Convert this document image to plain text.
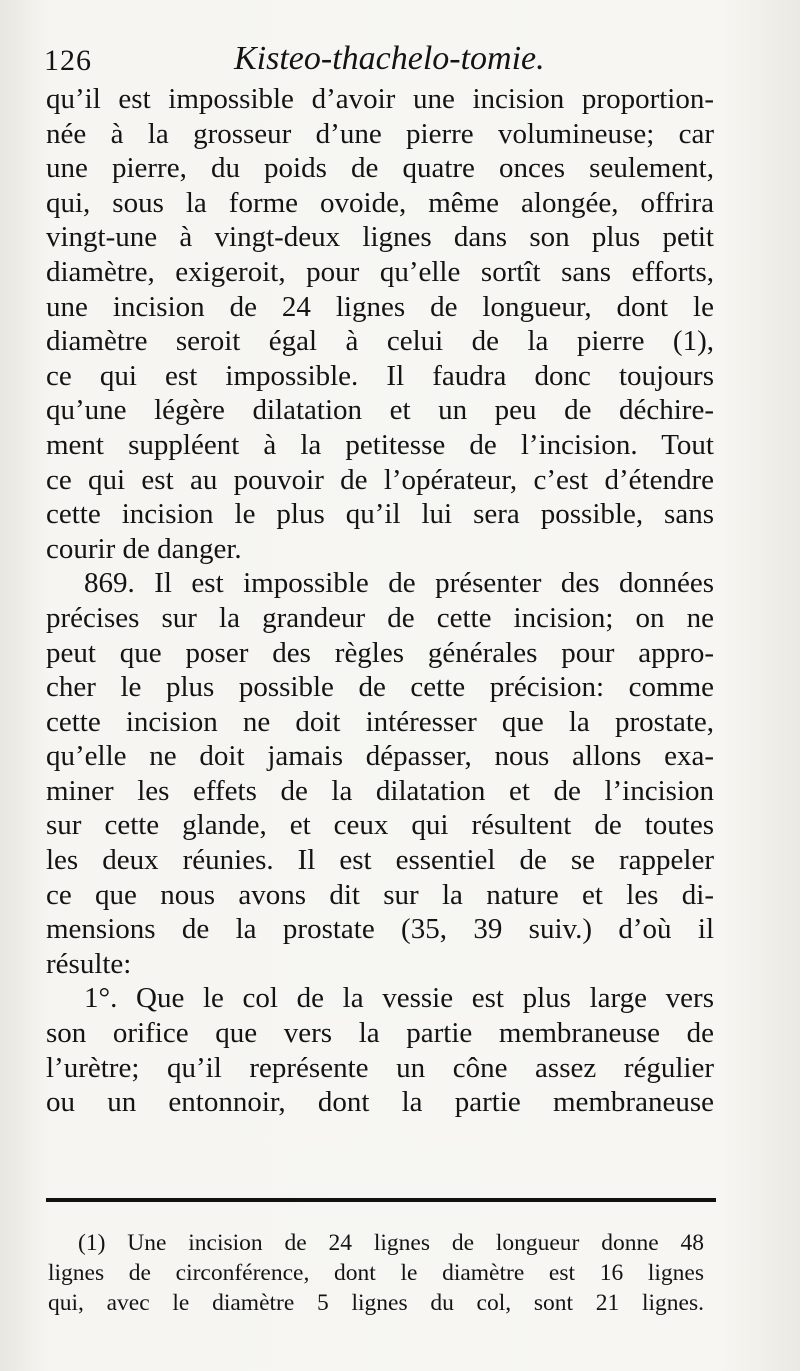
126	Kisteo-thachelo-tomie.
qu’il est impossible d’avoir une incision proportion-
née à la grosseur d’une pierre volumineuse; car
une pierre, du poids de quatre onces seulement,
qui, sous la forme ovoide, même alongée, offrira
vingt-une à vingt-deux lignes dans son plus petit
diamètre, exigeroit, pour qu’elle sortît sans efforts,
une incision de 24 lignes de longueur, dont le
diamètre seroit égal à celui de la pierre (1),
ce qui est impossible. Il faudra donc toujours
qu’une légère dilatation et un peu de déchire-
ment suppléent à la petitesse de l’incision. Tout
ce qui est au pouvoir de l’opérateur, c’est d’étendre
cette incision le plus qu’il lui sera possible, sans
courir de danger.
869. Il est impossible de présenter des données
précises sur la grandeur de cette incision; on ne
peut que poser des règles générales pour appro-
cher le plus possible de cette précision: comme
cette incision ne doit intéresser que la prostate,
qu’elle ne doit jamais dépasser, nous allons exa-
miner les effets de la dilatation et de l’incision
sur cette glande, et ceux qui résultent de toutes
les deux réunies. Il est essentiel de se rappeler
ce que nous avons dit sur la nature et les di-
mensions de la prostate (35, 39 suiv.) d’où il
résulte:
1°. Que le col de la vessie est plus large vers
son orifice que vers la partie membraneuse de
l’urètre; qu’il représente un cône assez régulier
ou un entonnoir, dont la partie membraneuse
(1) Une incision de 24 lignes de longueur donne 48
lignes de circonférence, dont le diamètre est 16 lignes
qui, avec le diamètre 5 lignes du col, sont 21 lignes.
